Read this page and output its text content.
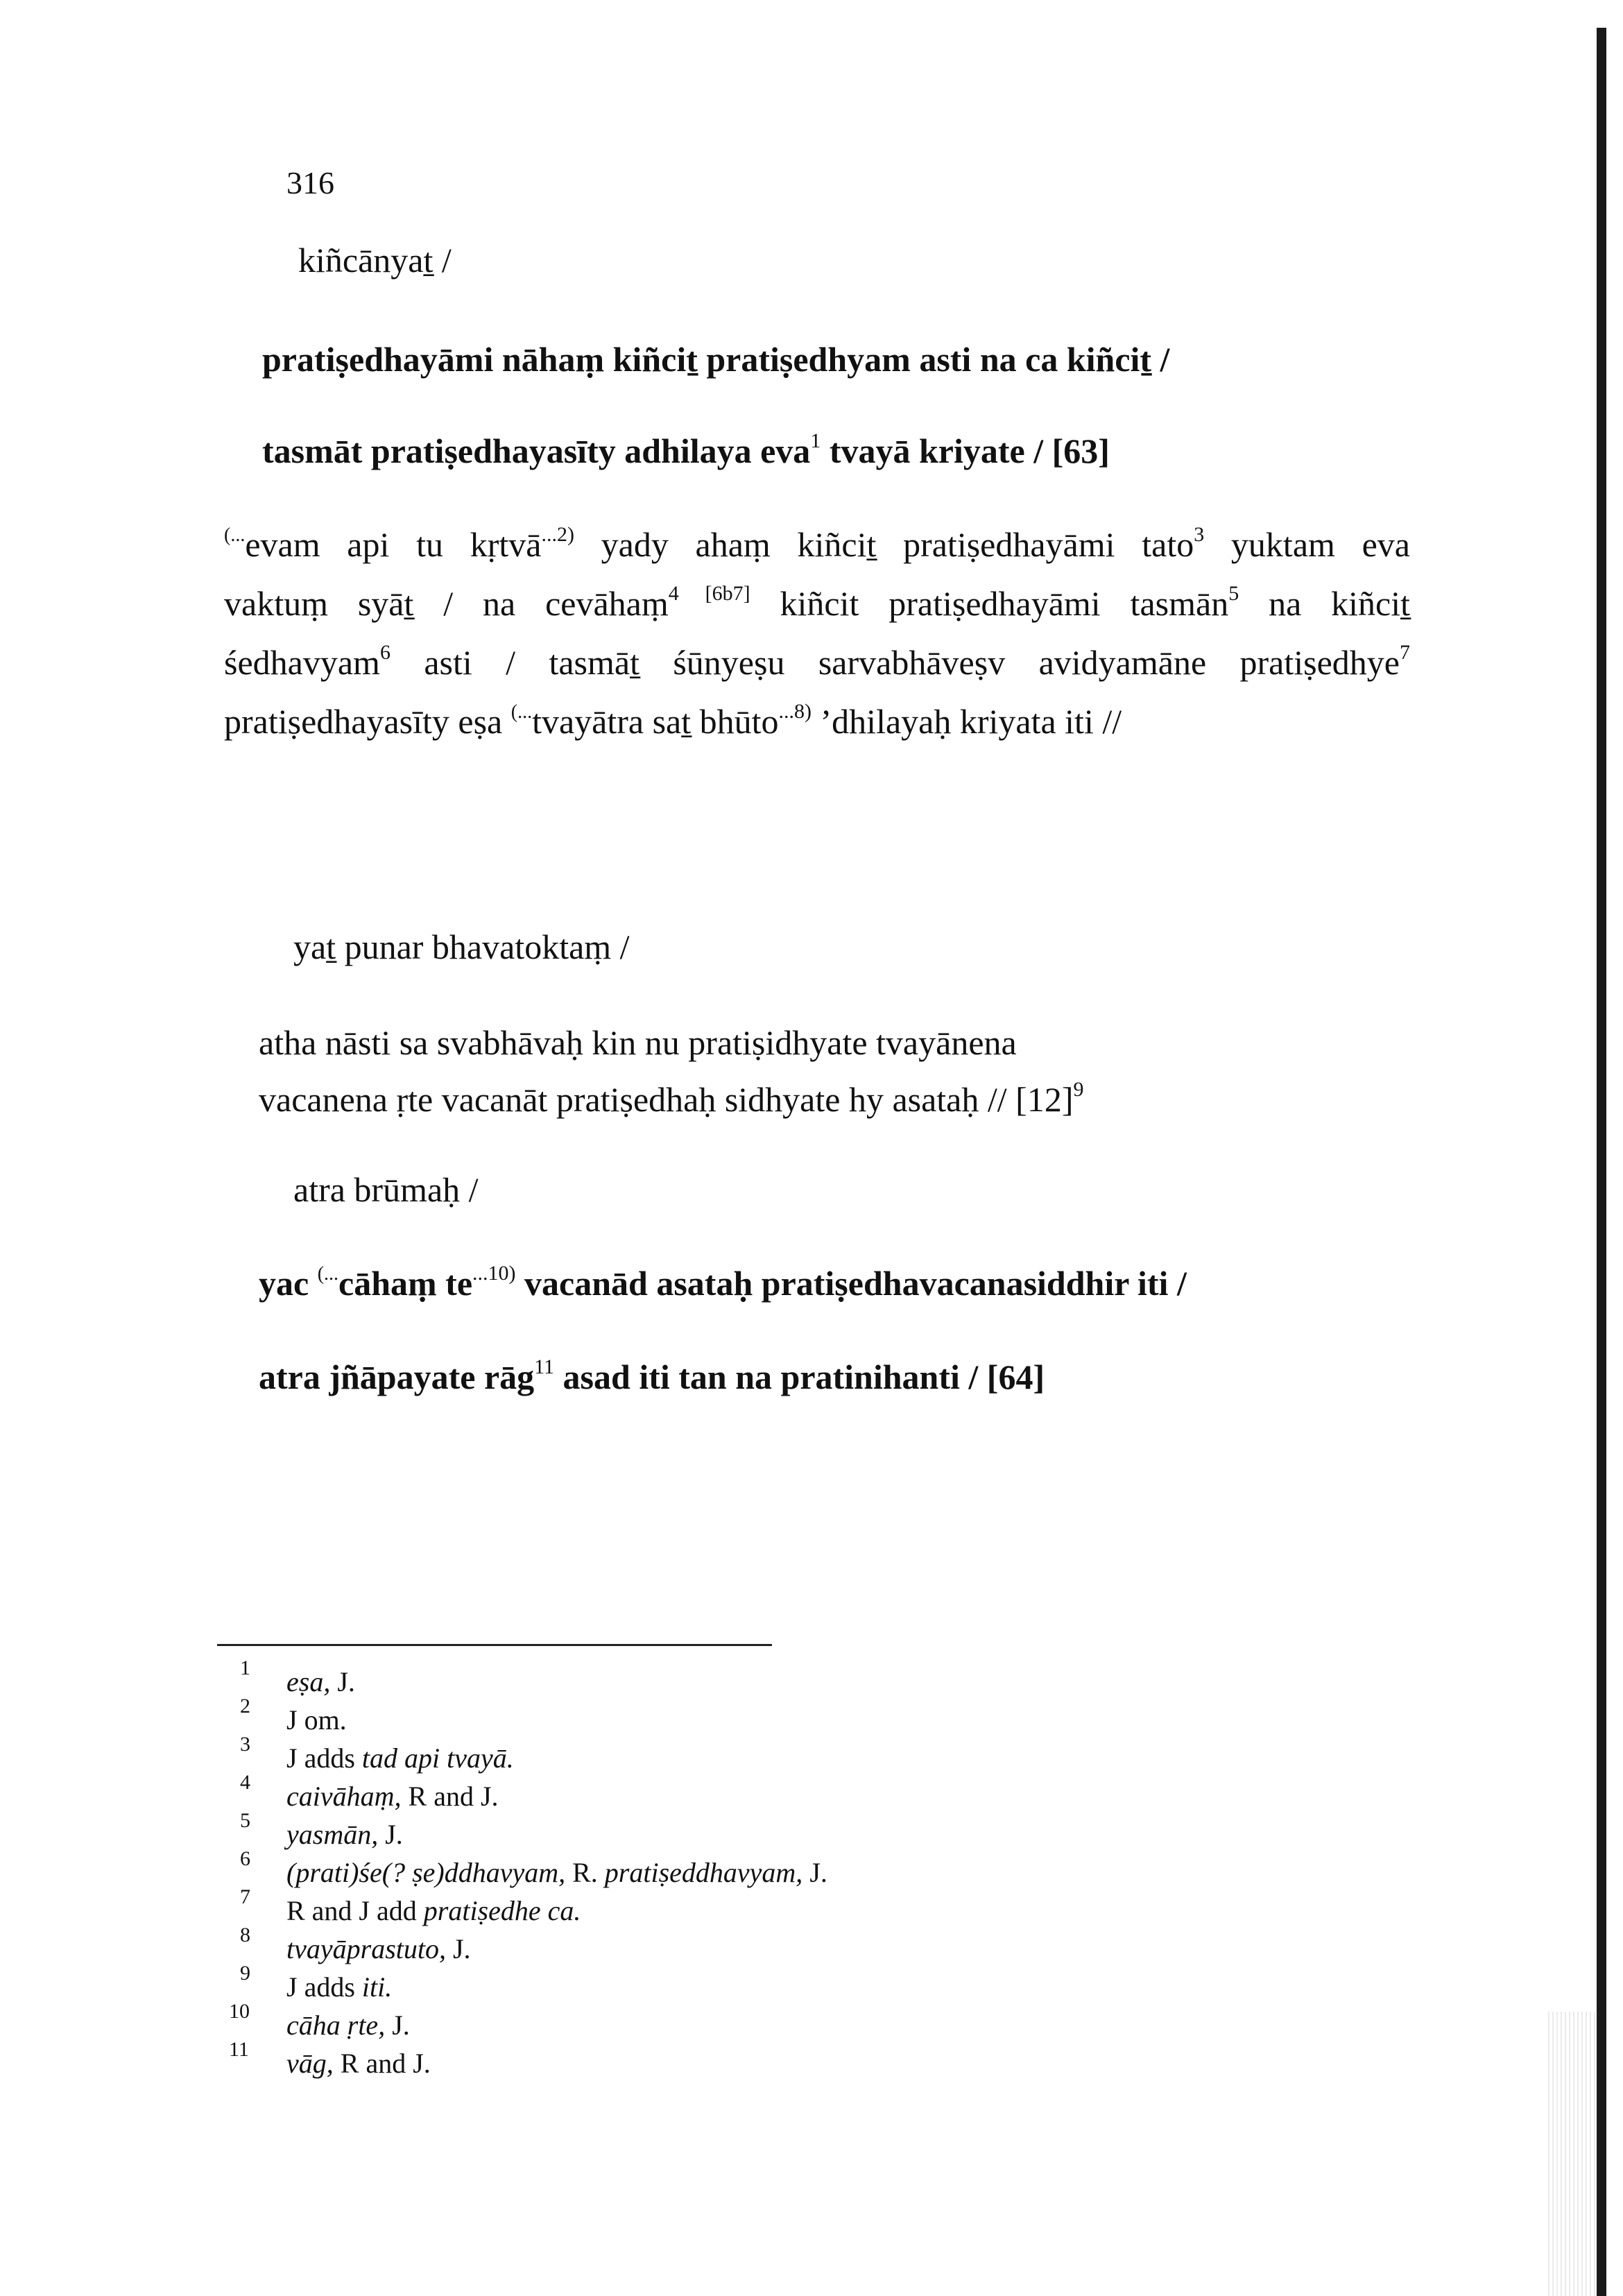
316
kiñcānyaṯ /
pratiṣedhayāmi nāhaṃ kiñciṯ pratiṣedhyam asti na ca kiñciṯ /
tasmāt pratiṣedhayasīty adhilaya eva$^1$ tvayā kriyate / [63]
(...evam api tu kṛtvā$^{...2)}$ yady ahaṃ kiñciṯ pratiṣedhayāmi tato$^3$ yuktam eva
vaktuṃ syāṯ / na cevāhaṃ$^{4 [6b7]}$ kiñcit pratiṣedhayāmi tasmān$^5$ na kiñciṯ
śedhavyam$^6$ asti / tasmāṯ śūnyeṣu sarvabhāveṣv avidyamāne pratiṣedhye$^7$
pratiṣedhayasīty eṣa (...tvayātra saṯ bhūto$^{...8)}$ ’dhilayaḥ kriyata iti //
yaṯ punar bhavatoktaṃ /
atha nāsti sa svabhāvaḥ kin nu pratiṣidhyate tvayānena
vacanena ṛte vacanāt pratiṣedhaḥ sidhyate hy asataḥ // $[12]^9$
atra brūmaḥ /
yac (...cāhaṃ $te^{...10)}$ vacanād asataḥ pratiṣedhavacanasiddhir iti /
atra jñāpayate rāg$^{11}$ asad iti tan na pratinihanti / [64]
1 eṣa, J.
2 J om.
3 J adds tad api tvayā.
4 caivāhaṃ, R and J.
5 yasmān, J.
6 (prati)śe(? ṣe)ddhavyam, R. pratiṣeddhavyam, J.
7 R and J add pratiṣedhe ca.
8 tvayāprastuto, J.
9 J adds iti.
10 cāha ṛte, J.
11 vāg, R and J.
